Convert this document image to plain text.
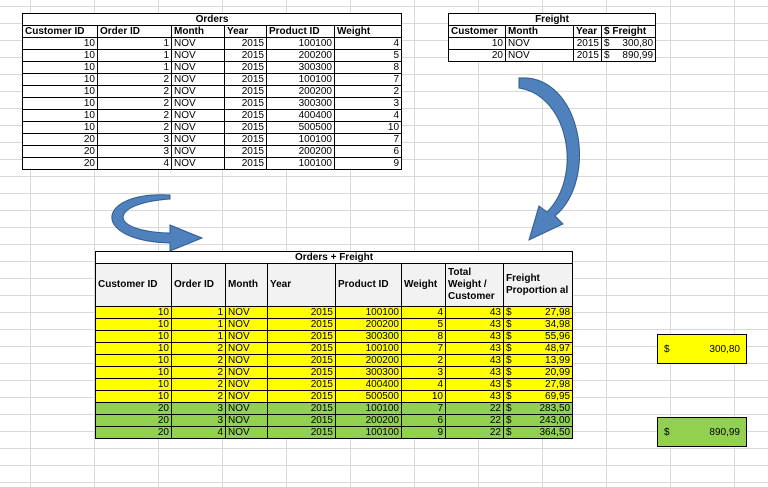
Orders					
Customer ID	Order ID	Month	Year	Product ID	Weight
10	1	NOV	2015	100100	4
10	1	NOV	2015	200200	5
10	1	NOV	2015	300300	8
10	2	NOV	2015	100100	7
10	2	NOV	2015	200200	2
10	2	NOV	2015	300300	3
10	2	NOV	2015	400400	4
10	2	NOV	2015	500500	10
20	3	NOV	2015	100100	7
20	3	NOV	2015	200200	6
20	4	NOV	2015	100100	9
Freight			
Customer	Month	Year	$ Freight
10	NOV	2015	$ 300,80

20	NOV	2015	$ 890,99
Orders + Freight							
Customer ID	Order ID	Month	Year	Product ID	Weight	Total Weight / Customer	Freight Proportion al
10	1	NOV	2015	100100	4	43	$ 27,98

10	1	NOV	2015	200200	5	43	$ 34,98

10	1	NOV	2015	300300	8	43	$ 55,96

10	2	NOV	2015	100100	7	43	$ 48,97

10	2	NOV	2015	200200	2	43	$ 13,99

10	2	NOV	2015	300300	3	43	$ 20,99

10	2	NOV	2015	400400	4	43	$ 27,98

10	2	NOV	2015	500500	10	43	$ 69,95

20	3	NOV	2015	100100	7	22	$ 283,50

20	3	NOV	2015	200200	6	22	$ 243,00

20	4	NOV	2015	100100	9	22	$ 364,50
$	300,80
$	890,99
